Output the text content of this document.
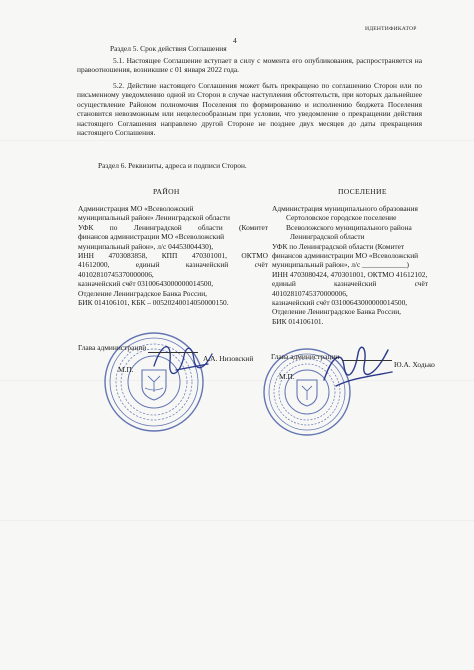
ИДЕНТИФИКАТОР
4
Раздел 5. Срок действия Соглашения
5.1. Настоящее Соглашение вступает в силу с момента его опубликования, распространяется на правоотношения, возникшие с 01 января 2022 года.
5.2. Действие настоящего Соглашения может быть прекращено по соглашению Сторон или по письменному уведомлению одной из Сторон в случае наступления обстоятельств, при которых дальнейшее осуществление Районом полномочия Поселения по формированию и исполнению бюджета Поселения становится невозможным или нецелесообразным при условии, что уведомление о прекращении действия настоящего Соглашения направлено другой Стороне не позднее двух месяцев до даты прекращения настоящего Соглашения.
Раздел 6. Реквизиты, адреса и подписи Сторон.
РАЙОН	ПОСЕЛЕНИЕ
Администрация МО «Всеволожский
муниципальный район» Ленинградской области
УФК по Ленинградской области (Комитет
финансов администрации МО «Всеволожский
муниципальный район», л/с 04453004430),
ИНН 4703083858, КПП 470301001, ОКТМО
41612000, единый казначейский счёт
40102810745370000006,
казначейский счёт 03100643000000014500,
Отделение Ленинградское Банка России,
БИК 014106101, КБК – 00520240014050000150.
Администрация муниципального образования
Сертоловское городское поселение
Всеволожского муниципального района
Ленинградской области
УФК по Ленинградской области (Комитет
финансов администрации МО «Всеволожский
муниципальный район», л/с ____________)
ИНН 4703080424, 470301001, ОКТМО 41612102,
единый казначейский счёт
40102810745370000006,
казначейский счёт 03100643000000014500,
Отделение Ленинградское Банка России,
БИК 014106101.
Глава администрации
А.А. Низовский
М.П.
Глава администрации
Ю.А. Ходько
М.П.
